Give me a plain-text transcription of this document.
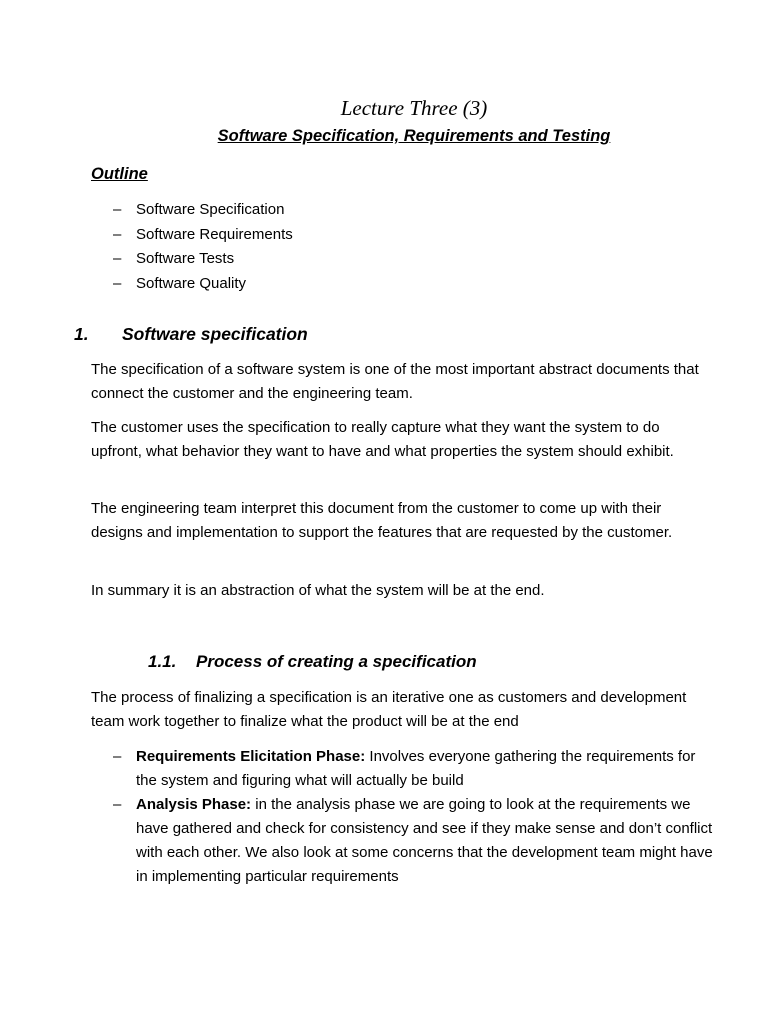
Lecture Three (3)
Software Specification, Requirements and Testing
Outline
– Software Specification
– Software Requirements
– Software Tests
– Software Quality
1. Software specification

The specification of a software system is one of the most important abstract documents that connect the customer and the engineering team.

The customer uses the specification to really capture what they want the system to do upfront, what behavior they want to have and what properties the system should exhibit.

The engineering team interpret this document from the customer to come up with their designs and implementation to support the features that are requested by the customer.

In summary it is an abstraction of what the system will be at the end.

1.1. Process of creating a specification

The process of finalizing a specification is an iterative one as customers and development team work together to finalize what the product will be at the end

– Requirements Elicitation Phase: Involves everyone gathering the requirements for the system and figuring what will actually be build
– Analysis Phase: in the analysis phase we are going to look at the requirements we have gathered and check for consistency and see if they make sense and don’t conflict with each other. We also look at some concerns that the development team might have in implementing particular requirements
